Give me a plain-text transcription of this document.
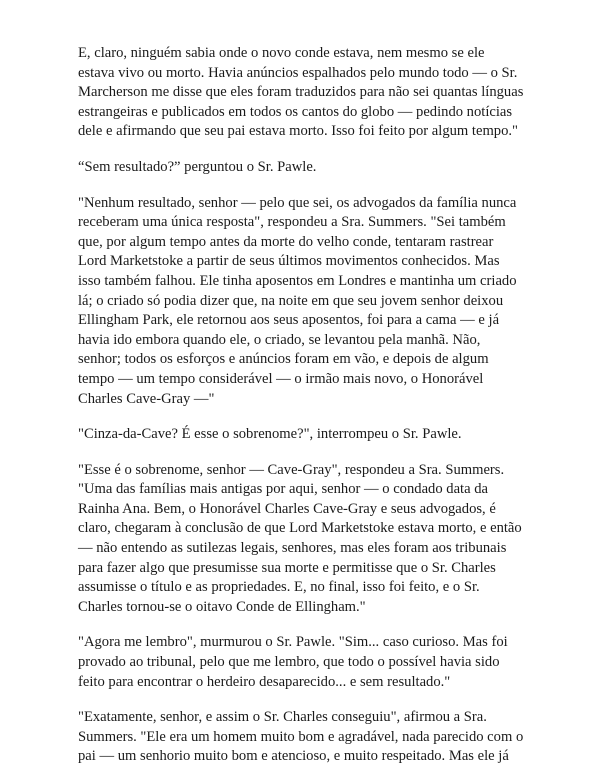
E, claro, ninguém sabia onde o novo conde estava, nem mesmo se ele
estava vivo ou morto. Havia anúncios espalhados pelo mundo todo — o Sr.
Marcherson me disse que eles foram traduzidos para não sei quantas línguas
estrangeiras e publicados em todos os cantos do globo — pedindo notícias
dele e afirmando que seu pai estava morto. Isso foi feito por algum tempo."

“Sem resultado?” perguntou o Sr. Pawle.

"Nenhum resultado, senhor — pelo que sei, os advogados da família nunca
receberam uma única resposta", respondeu a Sra. Summers. "Sei também
que, por algum tempo antes da morte do velho conde, tentaram rastrear
Lord Marketstoke a partir de seus últimos movimentos conhecidos. Mas
isso também falhou. Ele tinha aposentos em Londres e mantinha um criado
lá; o criado só podia dizer que, na noite em que seu jovem senhor deixou
Ellingham Park, ele retornou aos seus aposentos, foi para a cama — e já
havia ido embora quando ele, o criado, se levantou pela manhã. Não,
senhor; todos os esforços e anúncios foram em vão, e depois de algum
tempo — um tempo considerável — o irmão mais novo, o Honorável
Charles Cave-Gray —"

"Cinza-da-Cave? É esse o sobrenome?", interrompeu o Sr. Pawle.

"Esse é o sobrenome, senhor — Cave-Gray", respondeu a Sra. Summers.
"Uma das famílias mais antigas por aqui, senhor — o condado data da
Rainha Ana. Bem, o Honorável Charles Cave-Gray e seus advogados, é
claro, chegaram à conclusão de que Lord Marketstoke estava morto, e então
— não entendo as sutilezas legais, senhores, mas eles foram aos tribunais
para fazer algo que presumisse sua morte e permitisse que o Sr. Charles
assumisse o título e as propriedades. E, no final, isso foi feito, e o Sr.
Charles tornou-se o oitavo Conde de Ellingham."

"Agora me lembro", murmurou o Sr. Pawle. "Sim... caso curioso. Mas foi
provado ao tribunal, pelo que me lembro, que todo o possível havia sido
feito para encontrar o herdeiro desaparecido... e sem resultado."

"Exatamente, senhor, e assim o Sr. Charles conseguiu", afirmou a Sra.
Summers. "Ele era um homem muito bom e agradável, nada parecido com o
pai — um senhorio muito bom e atencioso, e muito respeitado. Mas ele já
